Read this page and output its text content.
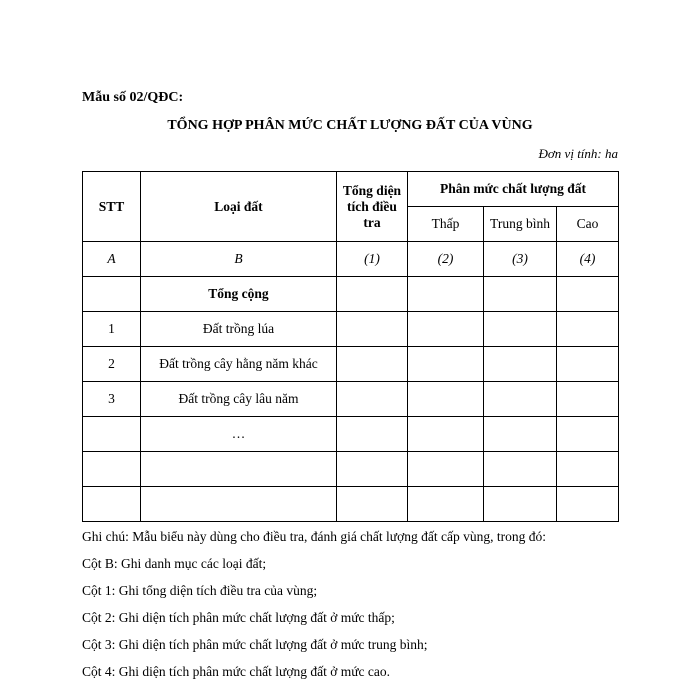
Mẫu số 02/QĐC:
TỔNG HỢP PHÂN MỨC CHẤT LƯỢNG ĐẤT CỦA VÙNG
Đơn vị tính: ha
STT	Loại đất	Tổng diện tích điều tra	Phân mức chất lượng đất		
			Thấp	Trung bình	Cao
A	B	(1)	(2)	(3)	(4)
	Tổng cộng				
1	Đất trồng lúa				
2	Đất trồng cây hằng năm khác				
3	Đất trồng cây lâu năm				
	…				

Ghi chú: Mẫu biểu này dùng cho điều tra, đánh giá chất lượng đất cấp vùng, trong đó:
Cột B: Ghi danh mục các loại đất;
Cột 1: Ghi tổng diện tích điều tra của vùng;
Cột 2: Ghi diện tích phân mức chất lượng đất ở mức thấp;
Cột 3: Ghi diện tích phân mức chất lượng đất ở mức trung bình;
Cột 4: Ghi diện tích phân mức chất lượng đất ở mức cao.
